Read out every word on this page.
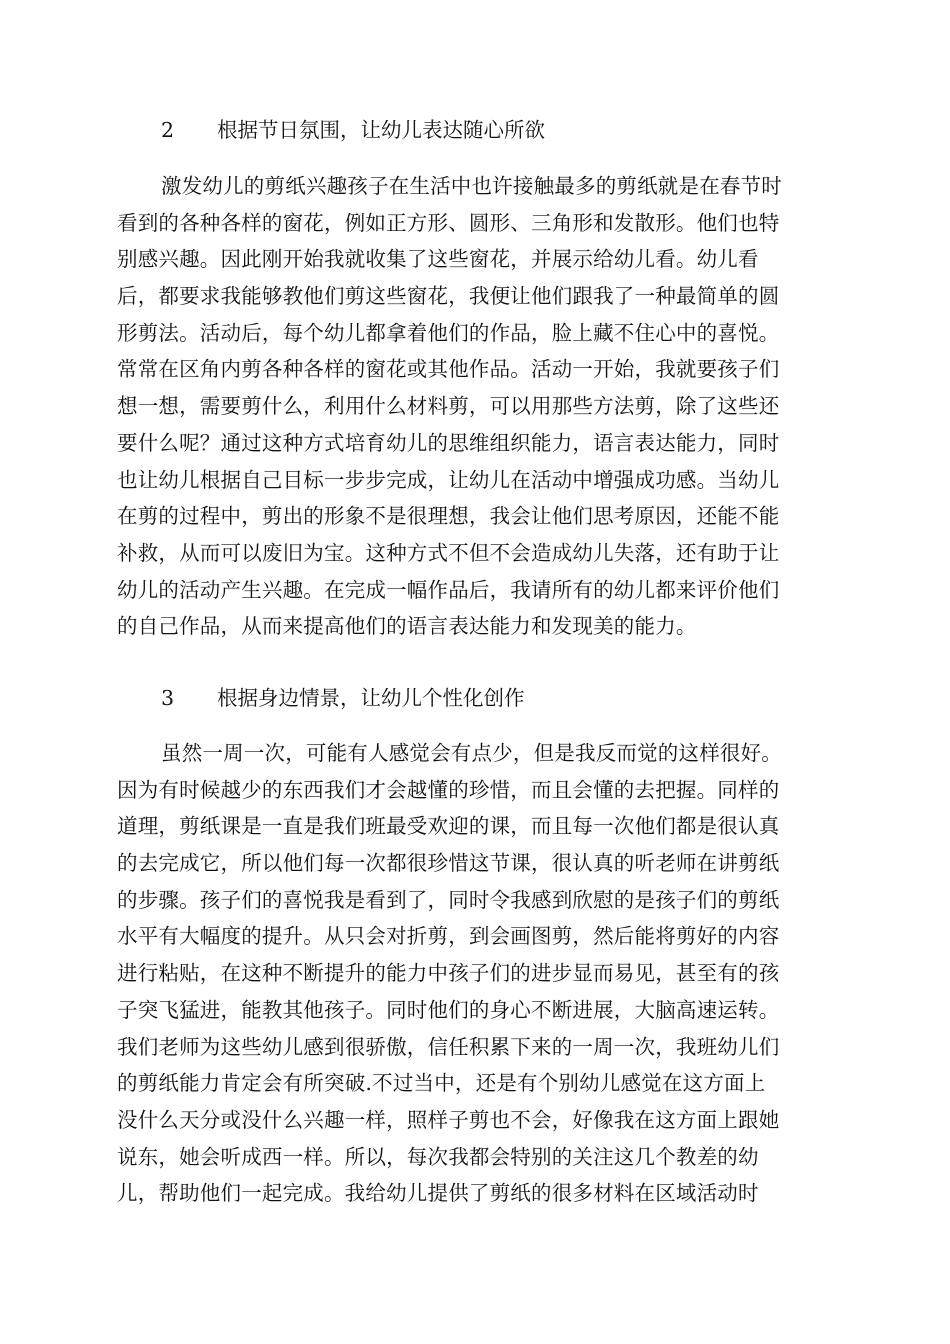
2 根据节日氛围，让幼儿表达随心所欲
激发幼儿的剪纸兴趣孩子在生活中也许接触最多的剪纸就是在春节时
看到的各种各样的窗花，例如正方形、圆形、三角形和发散形。他们也特
别感兴趣。因此刚开始我就收集了这些窗花，并展示给幼儿看。幼儿看
后，都要求我能够教他们剪这些窗花，我便让他们跟我了一种最简单的圆
形剪法。活动后，每个幼儿都拿着他们的作品，脸上藏不住心中的喜悦。
常常在区角内剪各种各样的窗花或其他作品。活动一开始，我就要孩子们
想一想，需要剪什么，利用什么材料剪，可以用那些方法剪，除了这些还
要什么呢？通过这种方式培育幼儿的思维组织能力，语言表达能力，同时
也让幼儿根据自己目标一步步完成，让幼儿在活动中增强成功感。当幼儿
在剪的过程中，剪出的形象不是很理想，我会让他们思考原因，还能不能
补救，从而可以废旧为宝。这种方式不但不会造成幼儿失落，还有助于让
幼儿的活动产生兴趣。在完成一幅作品后，我请所有的幼儿都来评价他们
的自己作品，从而来提高他们的语言表达能力和发现美的能力。
3 根据身边情景，让幼儿个性化创作
虽然一周一次，可能有人感觉会有点少，但是我反而觉的这样很好。
因为有时候越少的东西我们才会越懂的珍惜，而且会懂的去把握。同样的
道理，剪纸课是一直是我们班最受欢迎的课，而且每一次他们都是很认真
的去完成它，所以他们每一次都很珍惜这节课，很认真的听老师在讲剪纸
的步骤。孩子们的喜悦我是看到了，同时令我感到欣慰的是孩子们的剪纸
水平有大幅度的提升。从只会对折剪，到会画图剪，然后能将剪好的内容
进行粘贴，在这种不断提升的能力中孩子们的进步显而易见，甚至有的孩
子突飞猛进，能教其他孩子。同时他们的身心不断进展，大脑高速运转。
我们老师为这些幼儿感到很骄傲，信任积累下来的一周一次，我班幼儿们
的剪纸能力肯定会有所突破.不过当中，还是有个别幼儿感觉在这方面上
没什么天分或没什么兴趣一样，照样子剪也不会，好像我在这方面上跟她
说东，她会听成西一样。所以，每次我都会特别的关注这几个教差的幼
儿，帮助他们一起完成。我给幼儿提供了剪纸的很多材料在区域活动时
